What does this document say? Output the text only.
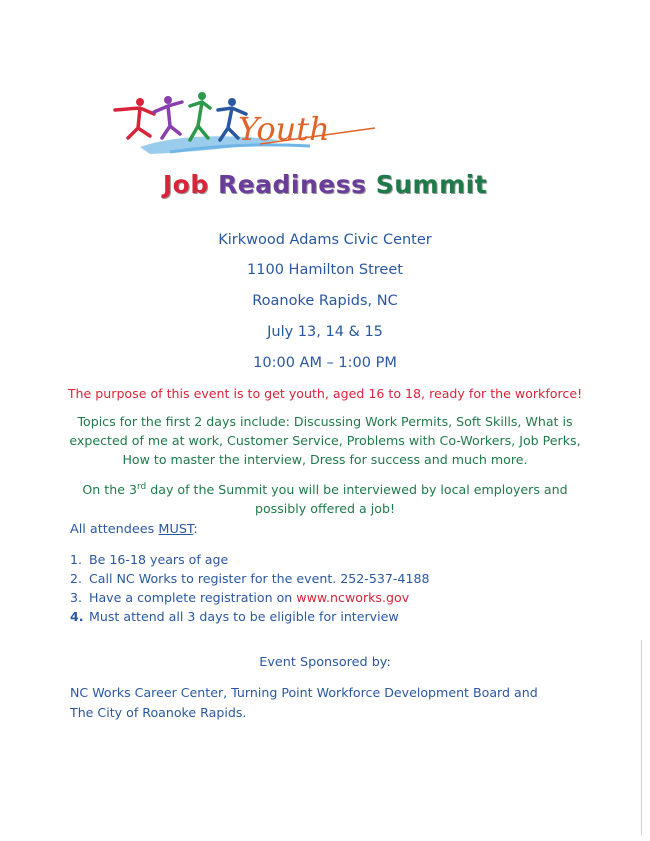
Youth
Job Readiness Summit
Kirkwood Adams Civic Center
1100 Hamilton Street
Roanoke Rapids, NC
July 13, 14 & 15
10:00 AM – 1:00 PM
The purpose of this event is to get youth, aged 16 to 18, ready for the workforce!
Topics for the first 2 days include: Discussing Work Permits, Soft Skills, What is expected of me at work, Customer Service, Problems with Co-Workers, Job Perks, How to master the interview, Dress for success and much more.
On the 3rd day of the Summit you will be interviewed by local employers and possibly offered a job!
All attendees MUST:
1. Be 16-18 years of age
2. Call NC Works to register for the event. 252-537-4188
3. Have a complete registration on www.ncworks.gov
4. Must attend all 3 days to be eligible for interview
Event Sponsored by:
NC Works Career Center, Turning Point Workforce Development Board and The City of Roanoke Rapids.
